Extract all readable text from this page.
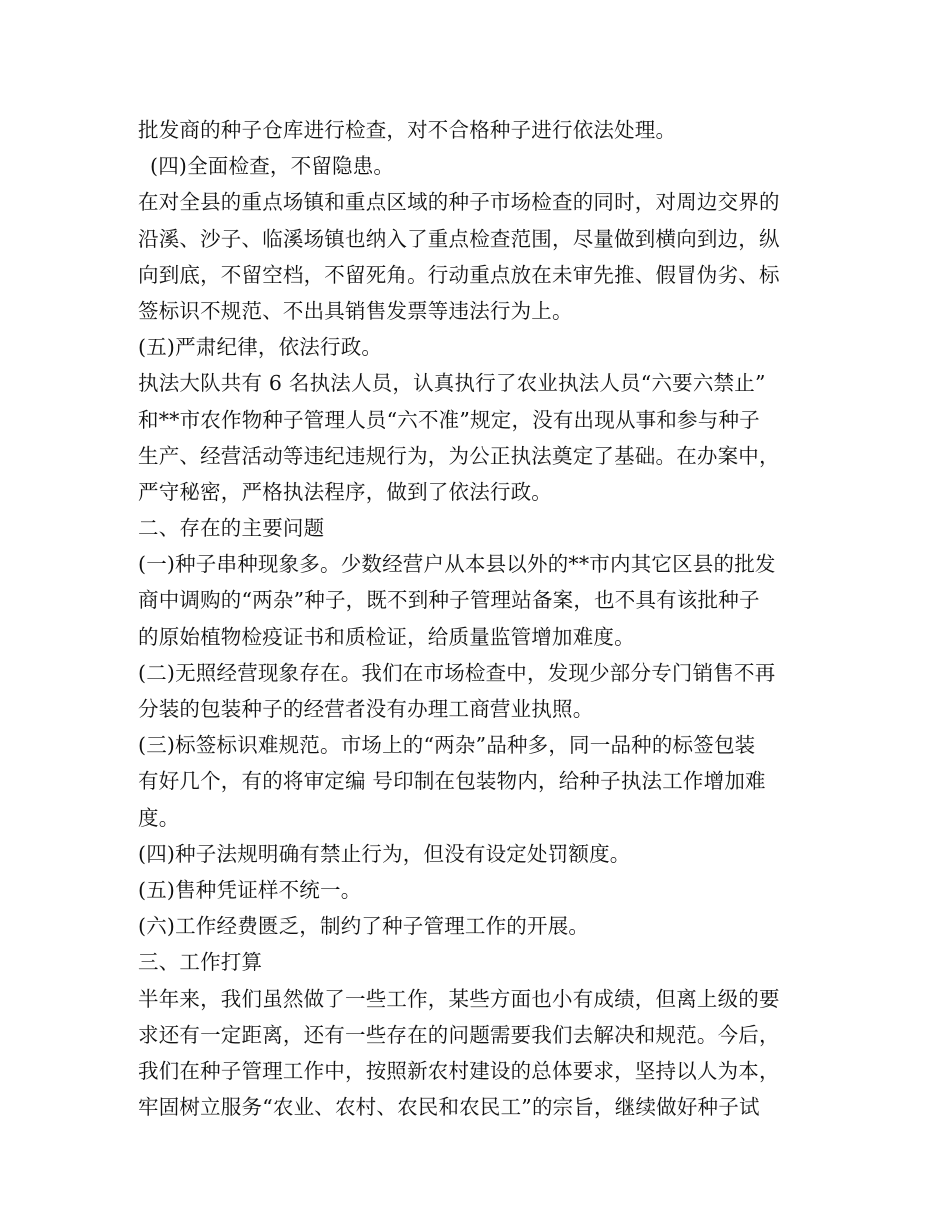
批发商的种子仓库进行检查，对不合格种子进行依法处理。
(四)全面检查，不留隐患。
在对全县的重点场镇和重点区域的种子市场检查的同时，对周边交界的
沿溪、沙子、临溪场镇也纳入了重点检查范围，尽量做到横向到边，纵
向到底，不留空档，不留死角。行动重点放在未审先推、假冒伪劣、标
签标识不规范、不出具销售发票等违法行为上。
(五)严肃纪律，依法行政。
执法大队共有 6 名执法人员，认真执行了农业执法人员“六要六禁止”
和**市农作物种子管理人员“六不准”规定，没有出现从事和参与种子
生产、经营活动等违纪违规行为，为公正执法奠定了基础。在办案中，
严守秘密，严格执法程序，做到了依法行政。
二、存在的主要问题
(一)种子串种现象多。少数经营户从本县以外的**市内其它区县的批发
商中调购的“两杂”种子，既不到种子管理站备案，也不具有该批种子
的原始植物检疫证书和质检证，给质量监管增加难度。
(二)无照经营现象存在。我们在市场检查中，发现少部分专门销售不再
分装的包装种子的经营者没有办理工商营业执照。
(三)标签标识难规范。市场上的“两杂”品种多，同一品种的标签包装
有好几个，有的将审定编 号印制在包装物内，给种子执法工作增加难
度。
(四)种子法规明确有禁止行为，但没有设定处罚额度。
(五)售种凭证样不统一。
(六)工作经费匮乏，制约了种子管理工作的开展。
三、工作打算
半年来，我们虽然做了一些工作，某些方面也小有成绩，但离上级的要
求还有一定距离，还有一些存在的问题需要我们去解决和规范。今后，
我们在种子管理工作中，按照新农村建设的总体要求，坚持以人为本，
牢固树立服务“农业、农村、农民和农民工”的宗旨，继续做好种子试
